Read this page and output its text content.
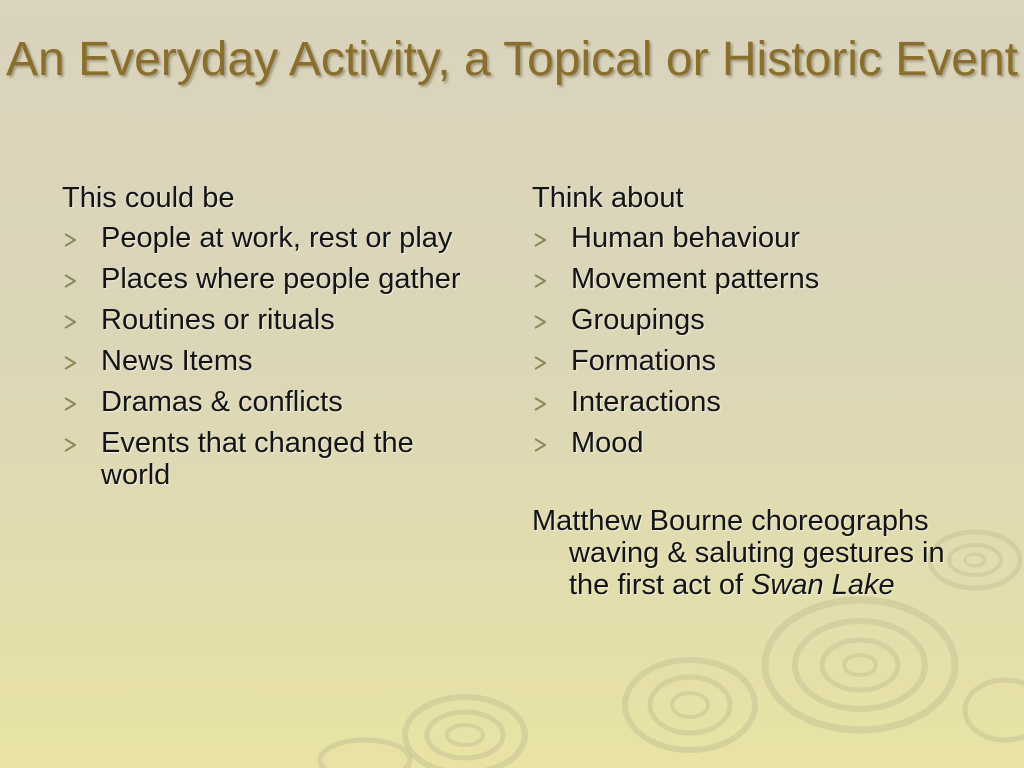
An Everyday Activity, a Topical or Historic Event
This could be
People at work, rest or play
Places where people gather
Routines or rituals
News Items
Dramas & conflicts
Events that changed the world
Think about
Human behaviour
Movement patterns
Groupings
Formations
Interactions
Mood
Matthew Bourne choreographs waving & saluting gestures in the first act of Swan Lake
